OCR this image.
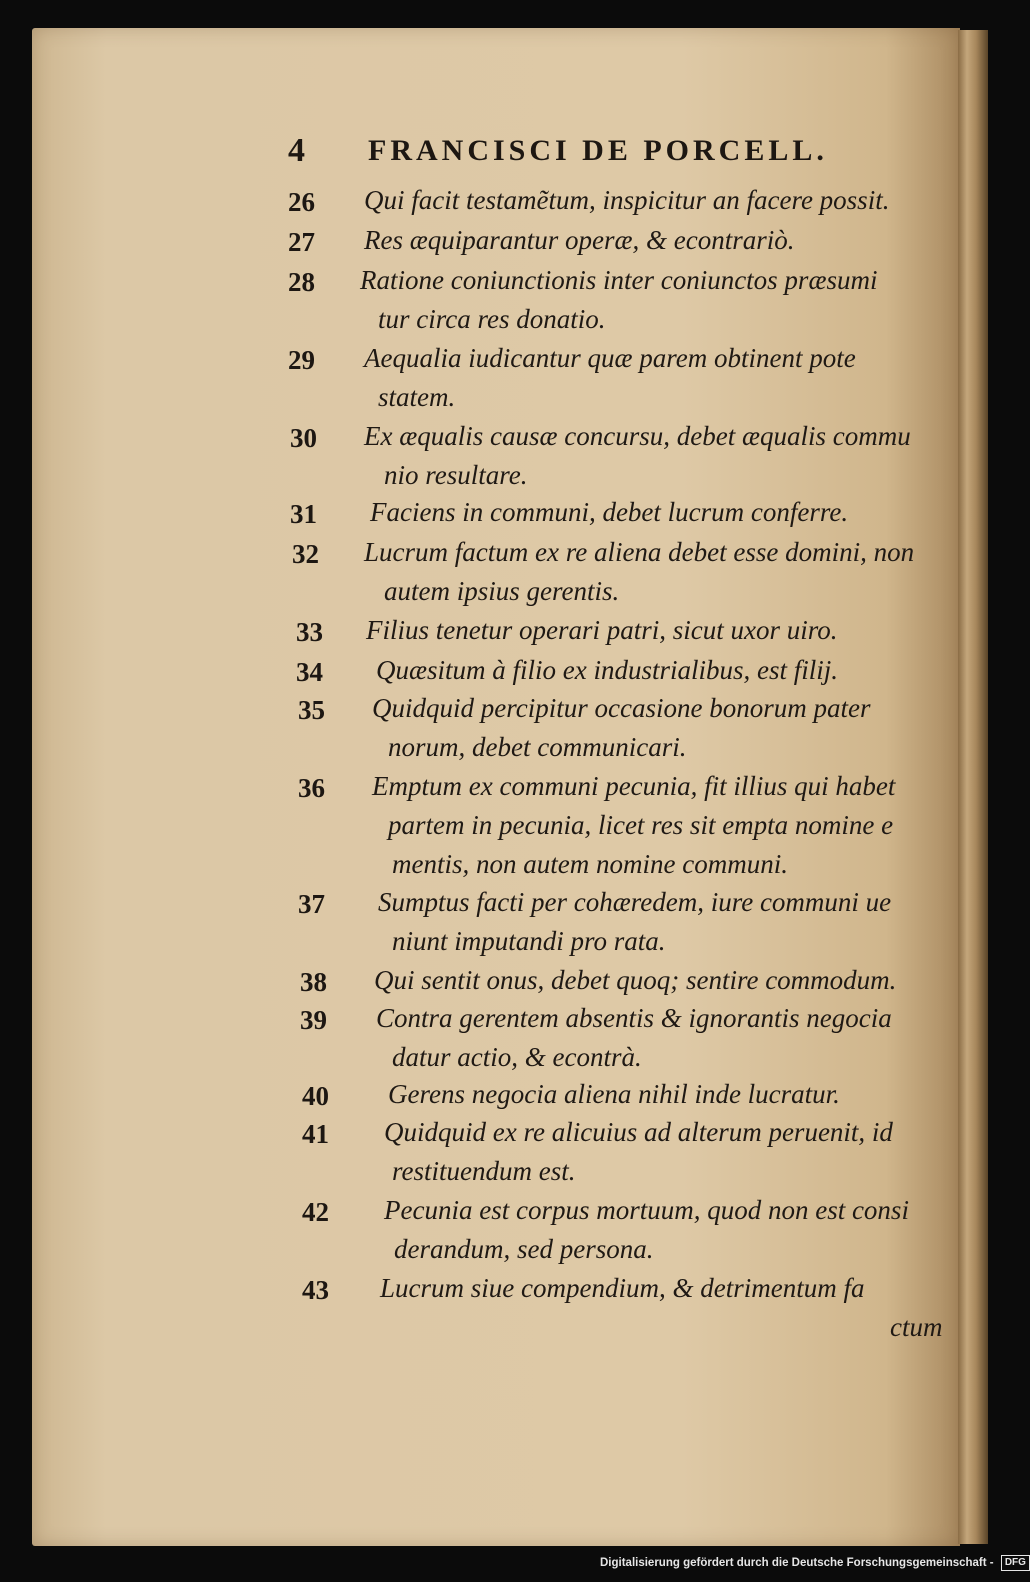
4 FRANCISCI DE PORCELL.
26 Qui facit testamẽtum, inspicitur an facere possit.
27 Res æquiparantur operæ, & econtrariò.
28 Ratione coniunctionis inter coniunctos præsumi
tur circa res donatio.
29 Aequalia iudicantur quæ parem obtinent pote
statem.
30 Ex æqualis causæ concursu, debet æqualis commu
nio resultare.
31 Faciens in communi, debet lucrum conferre.
32 Lucrum factum ex re aliena debet esse domini, non
autem ipsius gerentis.
33 Filius tenetur operari patri, sicut uxor uiro.
34 Quæsitum à filio ex industrialibus, est filij.
35 Quidquid percipitur occasione bonorum pater
norum, debet communicari.
36 Emptum ex communi pecunia, fit illius qui habet
partem in pecunia, licet res sit empta nomine e
mentis, non autem nomine communi.
37 Sumptus facti per cohæredem, iure communi ue
niunt imputandi pro rata.
38 Qui sentit onus, debet quoq; sentire commodum.
39 Contra gerentem absentis & ignorantis negocia
datur actio, & econtrà.
40 Gerens negocia aliena nihil inde lucratur.
41 Quidquid ex re alicuius ad alterum peruenit, id
restituendum est.
42 Pecunia est corpus mortuum, quod non est consi
derandum, sed persona.
43 Lucrum siue compendium, & detrimentum fa
ctum
Digitalisierung gefördert durch die Deutsche Forschungsgemeinschaft - DFG
